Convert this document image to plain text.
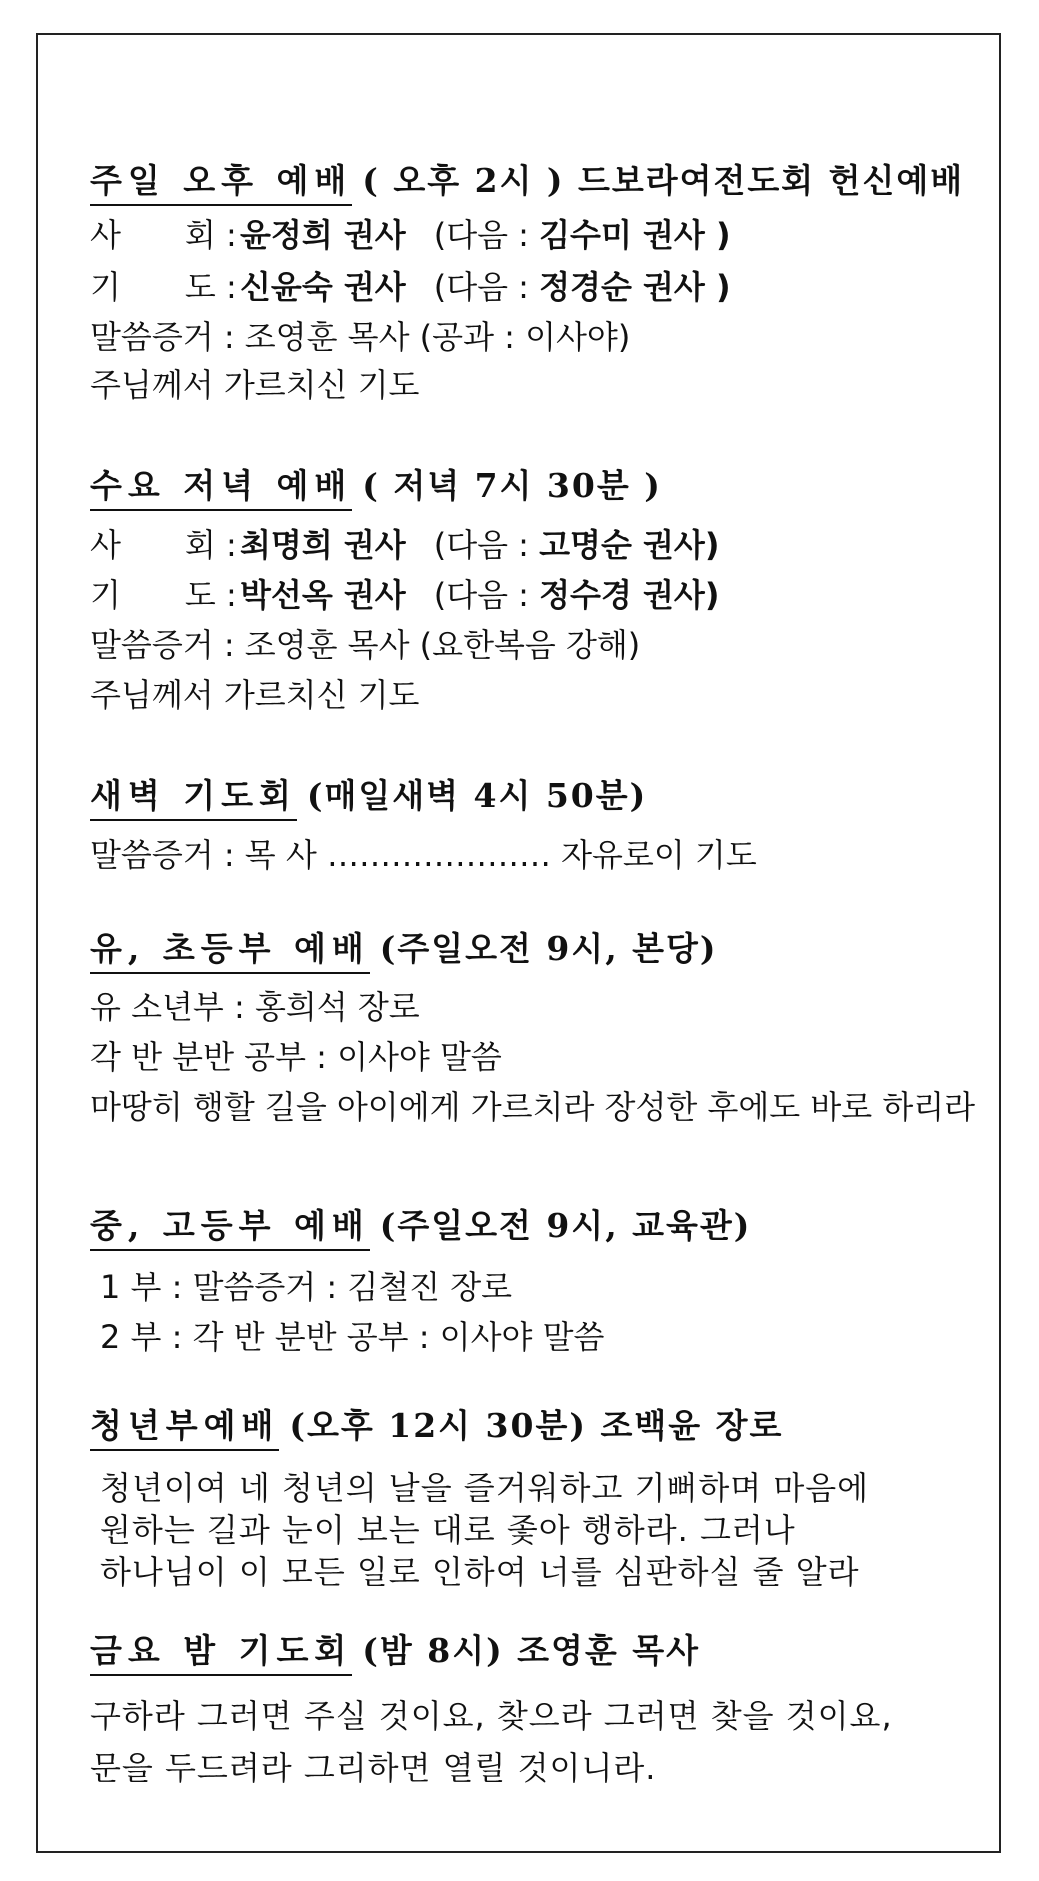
주일 오후 예배 ( 오후 2시 ) 드보라여전도회 헌신예배
사　　회 : 윤정희 권사 (다음 : 김수미 권사 )
기　　도 : 신윤숙 권사 (다음 : 정경순 권사 )
말씀증거 : 조영훈 목사 (공과 : 이사야)
주님께서 가르치신 기도
수요 저녁 예배 ( 저녁 7시 30분 )
사　　회 : 최명희 권사 (다음 : 고명순 권사)
기　　도 : 박선옥 권사 (다음 : 정수경 권사)
말씀증거 : 조영훈 목사 (요한복음 강해)
주님께서 가르치신 기도
새벽 기도회 (매일새벽 4시 50분)
말씀증거 : 목 사 ………………… 자유로이 기도
유, 초등부 예배 (주일오전 9시, 본당)
유 소년부 : 홍희석 장로
각 반 분반 공부 : 이사야 말씀
마땅히 행할 길을 아이에게 가르치라 장성한 후에도 바로 하리라
중, 고등부 예배 (주일오전 9시, 교육관)
1 부 : 말씀증거 : 김철진 장로
2 부 : 각 반 분반 공부 : 이사야 말씀
청년부예배 (오후 12시 30분) 조백윤 장로
청년이여 네 청년의 날을 즐거워하고 기뻐하며 마음에
원하는 길과 눈이 보는 대로 좇아 행하라. 그러나
하나님이 이 모든 일로 인하여 너를 심판하실 줄 알라
금요 밤 기도회 (밤 8시) 조영훈 목사
구하라 그러면 주실 것이요, 찾으라 그러면 찾을 것이요,
문을 두드려라 그리하면 열릴 것이니라.
